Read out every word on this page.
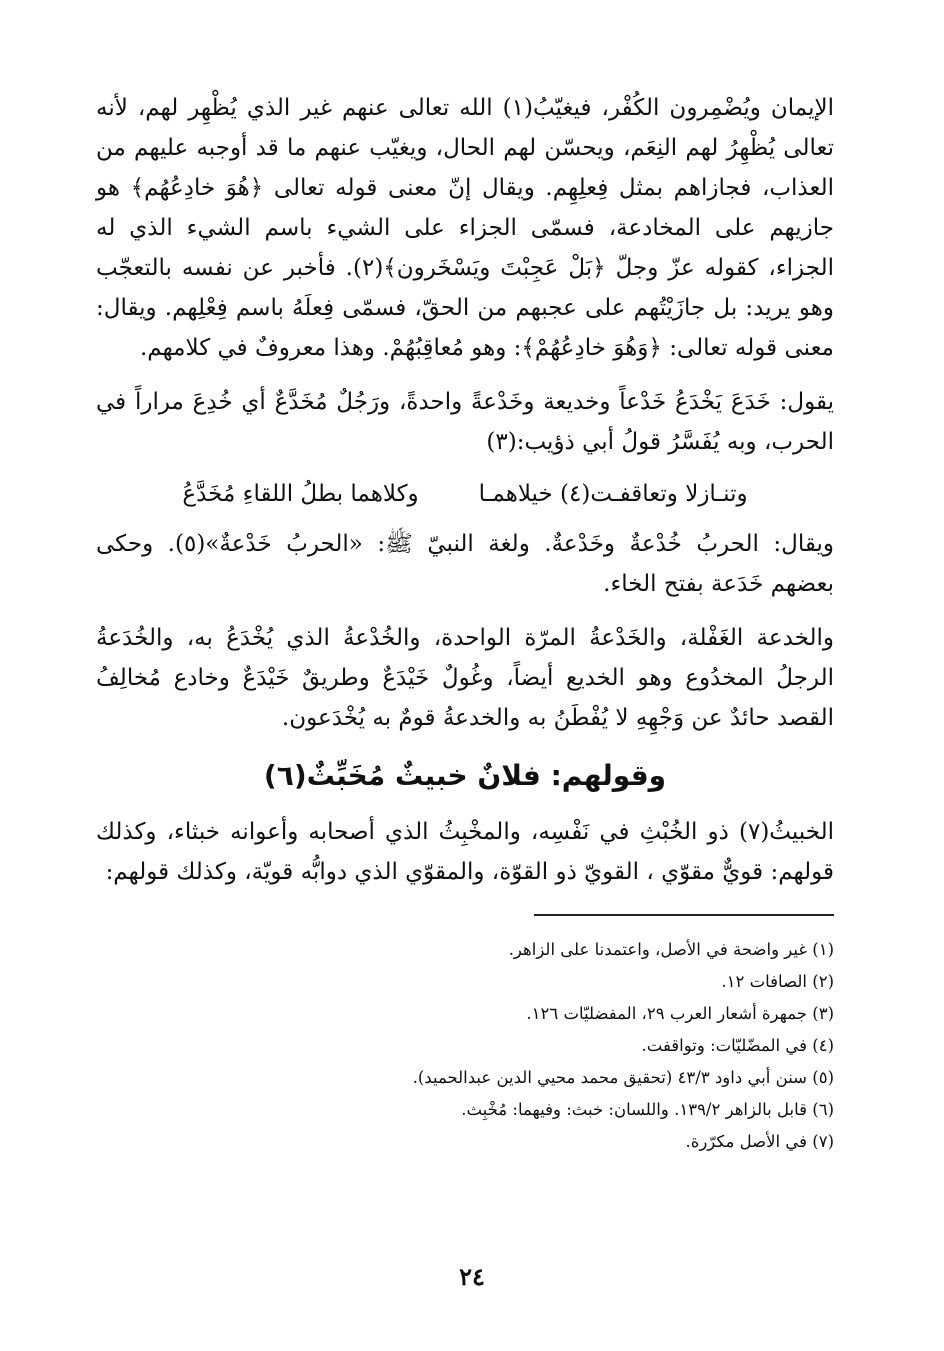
الإيمان ويُضْمِرون الكُفْر، فيغيّبُ(١) الله تعالى عنهم غير الذي يُظْهِر لهم، لأنه تعالى يُظْهِرُ لهم النِعَم، ويحسّن لهم الحال، ويغيّب عنهم ما قد أوجبه عليهم من العذاب، فجازاهم بمثل فِعلِهِم. ويقال إنّ معنى قوله تعالى ﴿هُوَ خادِعُهُم﴾ هو جازيهم على المخادعة، فسمّى الجزاء على الشيء باسم الشيء الذي له الجزاء، كقوله عزّ وجلّ ﴿بَلْ عَجِبْتَ ويَسْخَرون﴾(٢). فأخبر عن نفسه بالتعجّب وهو يريد: بل جازَيْتُهم على عجبهم من الحقّ، فسمّى فِعلَهُ باسم فِعْلِهم. ويقال: معنى قوله تعالى: ﴿وَهُوَ خادِعُهُمْ﴾: وهو مُعاقِبُهُمْ. وهذا معروفٌ في كلامهم.

يقول: خَدَعَ يَخْدَعُ خَدْعاً وخديعة وخَدْعةً واحدةً، ورَجُلٌ مُخَدَّعٌ أي خُدِعَ مراراً في الحرب، وبه يُفَسَّرُ قولُ أبي ذؤيب:(٣)

وتنـازلا وتعاقفـت(٤) خيلاهمـا
وكلاهما بطلُ اللقاءِ مُخَدَّعُ

ويقال: الحربُ خُدْعةٌ وخَدْعةٌ. ولغة النبيّ ﷺ: «الحربُ خَدْعةٌ»(٥). وحكى بعضهم خَدَعة بفتح الخاء.

والخدعة الغَفْلة، والخَدْعةُ المرّة الواحدة، والخُدْعةُ الذي يُخْدَعُ به، والخُدَعةُ الرجلُ المخدُوع وهو الخديع أيضاً، وغُولٌ خَيْدَعٌ وطريقٌ خَيْدَعٌ وخادع مُخالِفُ القصد حائدٌ عن وَجْهِهِ لا يُفْطَنُ به والخدعةُ قومٌ به يُخْدَعون.

وقولهم: فلانٌ خبيثٌ مُخَبِّثٌ(٦)

الخبيثُ(٧) ذو الخُبْثِ في نَفْسِه، والمخْبِثُ الذي أصحابه وأعوانه خبثاء، وكذلك قولهم: قويٌّ مقوّي ، القويّ ذو القوّة، والمقوّي الذي دوابُّه قويّة، وكذلك قولهم:

(١) غير واضحة في الأصل، واعتمدنا على الزاهر.
(٢) الصافات ١٢.
(٣) جمهرة أشعار العرب ٢٩، المفضليّات ١٢٦.
(٤) في المضّليّات: وتواقفت.
(٥) سنن أبي داود ٤٣/٣ (تحقيق محمد محيي الدين عبدالحميد).
(٦) قابل بالزاهر ١٣٩/٢. واللسان: خبث: وفيهما: مُخْبِث.
(٧) في الأصل مكرّرة.
٢٤
